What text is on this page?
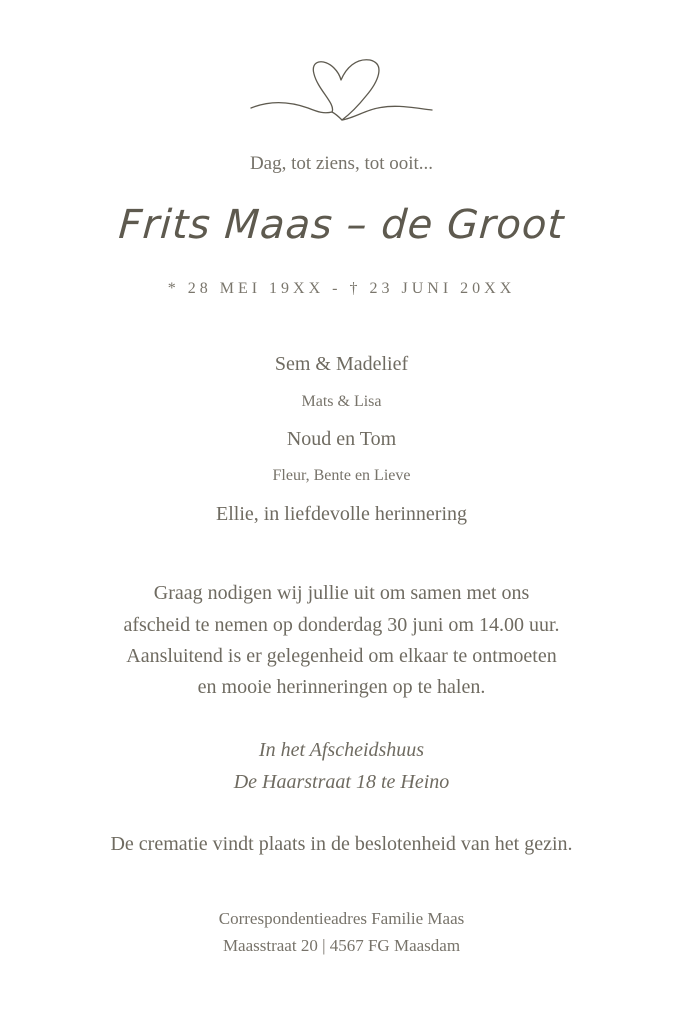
Dag, tot ziens, tot ooit...
Frits Maas – de Groot
* 28 MEI 19XX - † 23 JUNI 20XX
Sem & Madelief
Mats & Lisa
Noud en Tom
Fleur, Bente en Lieve
Ellie, in liefdevolle herinnering
Graag nodigen wij jullie uit om samen met ons
afscheid te nemen op donderdag 30 juni om 14.00 uur.
Aansluitend is er gelegenheid om elkaar te ontmoeten
en mooie herinneringen op te halen.
In het Afscheidshuus
De Haarstraat 18 te Heino
De crematie vindt plaats in de beslotenheid van het gezin.
Correspondentieadres Familie Maas
Maasstraat 20 | 4567 FG Maasdam
